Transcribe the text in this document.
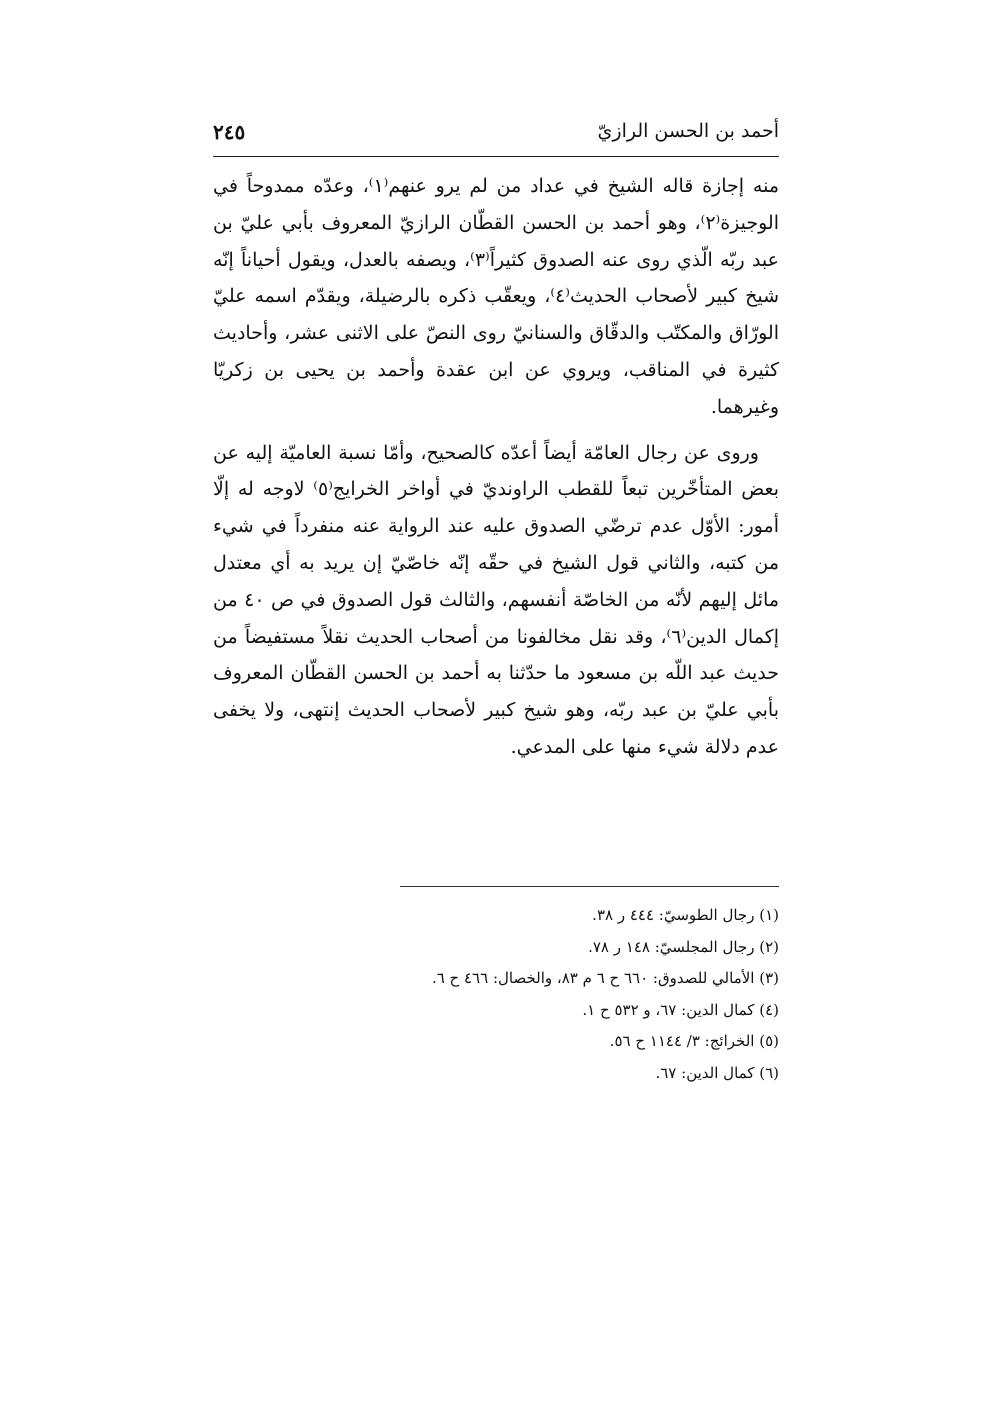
أحمد بن الحسن الرازيّ
٢٤٥

منه إجازة قاله الشيخ في عداد من لم يرو عنهم⁽١⁾، وعدّه ممدوحاً في الوجيزة⁽٢⁾، وهو أحمد بن الحسن القطّان الرازيّ المعروف بأبي عليّ بن عبد ربّه الّذي روى عنه الصدوق كثيراً⁽٣⁾، ويصفه بالعدل، ويقول أحياناً إنّه شيخ كبير لأصحاب الحديث⁽٤⁾، ويعقّب ذكره بالرضيلة، ويقدّم اسمه عليّ الورّاق والمكتّب والدقّاق والسنانيّ روى النصّ على الاثنى عشر، وأحاديث كثيرة في المناقب، ويروي عن ابن عقدة وأحمد بن يحيى بن زكريّا وغيرهما.

وروى عن رجال العامّة أيضاً أعدّه كالصحيح، وأمّا نسبة العاميّة إليه عن بعض المتأخّرين تبعاً للقطب الراونديّ في أواخر الخرايج⁽٥⁾ لاوجه له إلّا أمور: الأوّل عدم ترضّي الصدوق عليه عند الرواية عنه منفرداً في شيء من كتبه، والثاني قول الشيخ في حقّه إنّه خاصّيّ إن يريد به أي معتدل مائل إليهم لأنّه من الخاصّة أنفسهم، والثالث قول الصدوق في ص ٤٠ من إكمال الدين⁽٦⁾، وقد نقل مخالفونا من أصحاب الحديث نقلاً مستفيضاً من حديث عبد اللّه بن مسعود ما حدّثنا به أحمد بن الحسن القطّان المعروف بأبي عليّ بن عبد ربّه، وهو شيخ كبير لأصحاب الحديث إنتهى، ولا يخفى عدم دلالة شيء منها على المدعي.

(١) رجال الطوسيّ: ٤٤٤ ر ٣٨.
(٢) رجال المجلسيّ: ١٤٨ ر ٧٨.
(٣) الأمالي للصدوق: ٦٦٠ ح ٦ م ٨٣، والخصال: ٤٦٦ ح ٦.
(٤) كمال الدين: ٦٧، و ٥٣٢ ح ١.
(٥) الخرائج: ٣/ ١١٤٤ ح ٥٦.
(٦) كمال الدين: ٦٧.
